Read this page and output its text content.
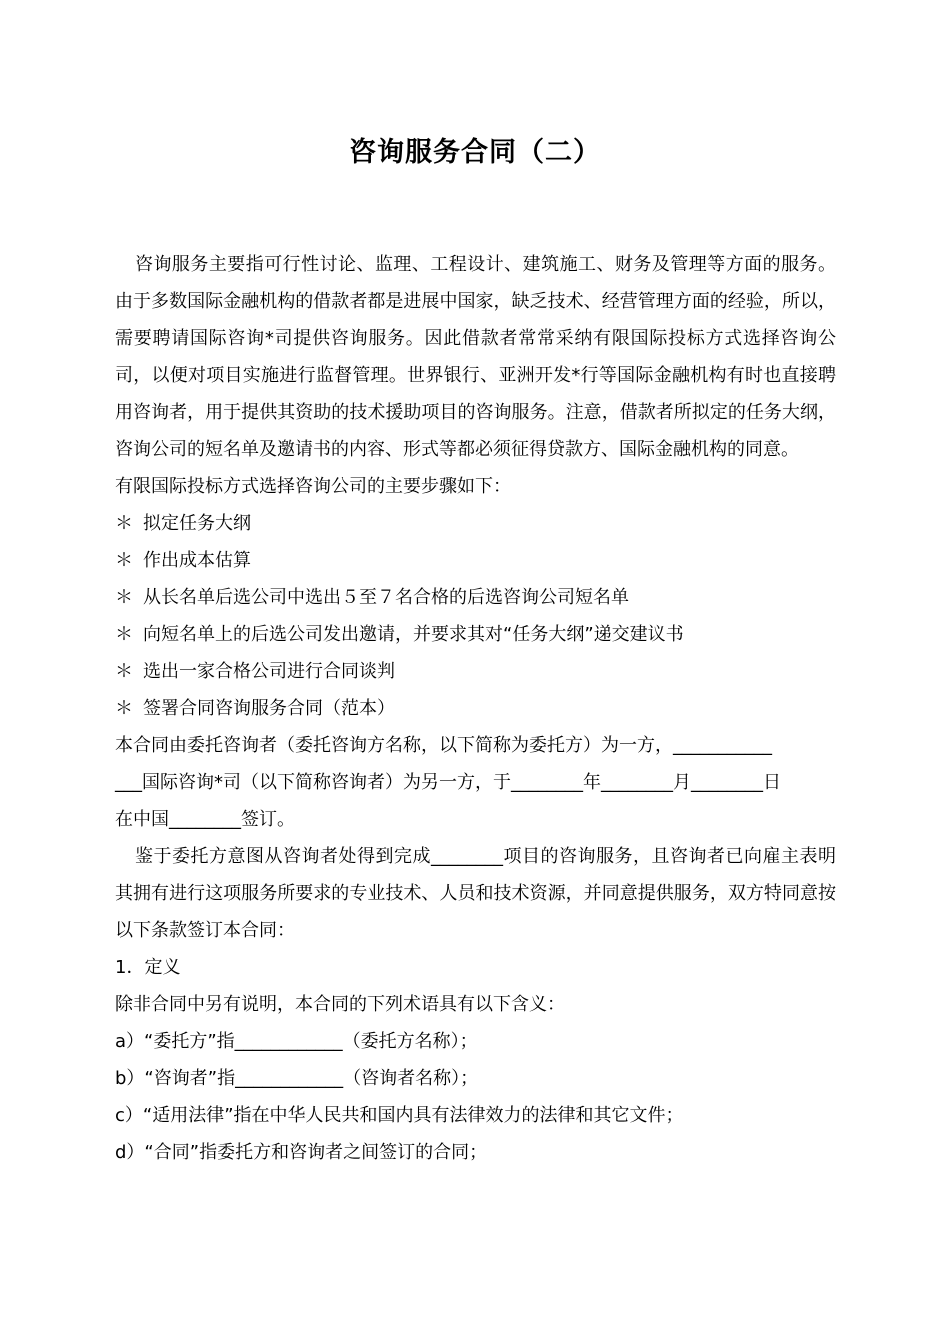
咨询服务合同（二）

咨询服务主要指可行性讨论、监理、工程设计、建筑施工、财务及管理等方面的服务。由于多数国际金融机构的借款者都是进展中国家，缺乏技术、经营管理方面的经验，所以，需要聘请国际咨询*司提供咨询服务。因此借款者常常采纳有限国际投标方式选择咨询公司，以便对项目实施进行监督管理。世界银行、亚洲开发*行等国际金融机构有时也直接聘用咨询者，用于提供其资助的技术援助项目的咨询服务。注意，借款者所拟定的任务大纲，咨询公司的短名单及邀请书的内容、形式等都必须征得贷款方、国际金融机构的同意。

有限国际投标方式选择咨询公司的主要步骤如下：

＊ 拟定任务大纲

＊ 作出成本估算

＊ 从长名单后选公司中选出５至７名合格的后选咨询公司短名单

＊ 向短名单上的后选公司发出邀请，并要求其对“任务大纲”递交建议书

＊ 选出一家合格公司进行合同谈判

＊ 签署合同咨询服务合同（范本）

本合同由委托咨询者（委托咨询方名称，以下简称为委托方）为一方，___________

___国际咨询*司（以下简称咨询者）为另一方，于________年________月________日

在中国________签订。

鉴于委托方意图从咨询者处得到完成________项目的咨询服务，且咨询者已向雇主表明其拥有进行这项服务所要求的专业技术、人员和技术资源，并同意提供服务，双方特同意按以下条款签订本合同：

1．定义

除非合同中另有说明，本合同的下列术语具有以下含义：

a）“委托方”指____________（委托方名称）；

b）“咨询者”指____________（咨询者名称）；

c）“适用法律”指在中华人民共和国内具有法律效力的法律和其它文件；

d）“合同”指委托方和咨询者之间签订的合同；
